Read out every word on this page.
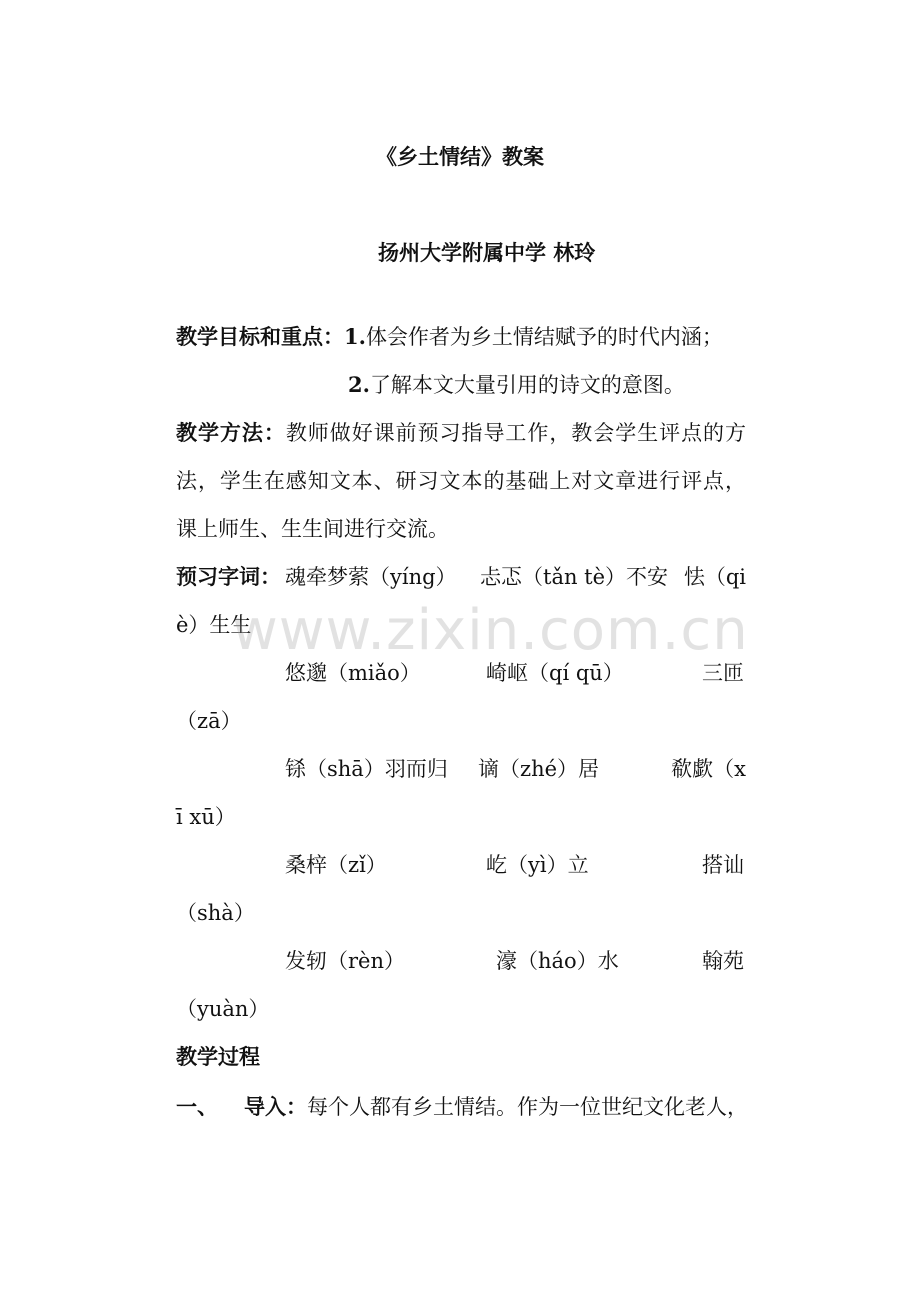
《乡土情结》教案
扬州大学附属中学 林玲
教学目标和重点：1.体会作者为乡土情结赋予的时代内涵；
2.了解本文大量引用的诗文的意图。
教学方法：教师做好课前预习指导工作，教会学生评点的方
法，学生在感知文本、研习文本的基础上对文章进行评点，
课上师生、生生间进行交流。
预习字词： 魂牵梦萦（yíng） 忐忑（tǎn tè）不安 怯（qi
è）生生
悠邈（miǎo）	崎岖（qí qū）	三匝
（zā）
铩（shā）羽而归 谪（zhé）居	欷歔（x
ī xū）
桑梓（zǐ）	屹（yì）立	搭讪
（shà）
发轫（rèn）	濠（háo）水	翰苑
（yuàn）
教学过程
一、 导入：每个人都有乡土情结。作为一位世纪文化老人，
www.zixin.com.cn
